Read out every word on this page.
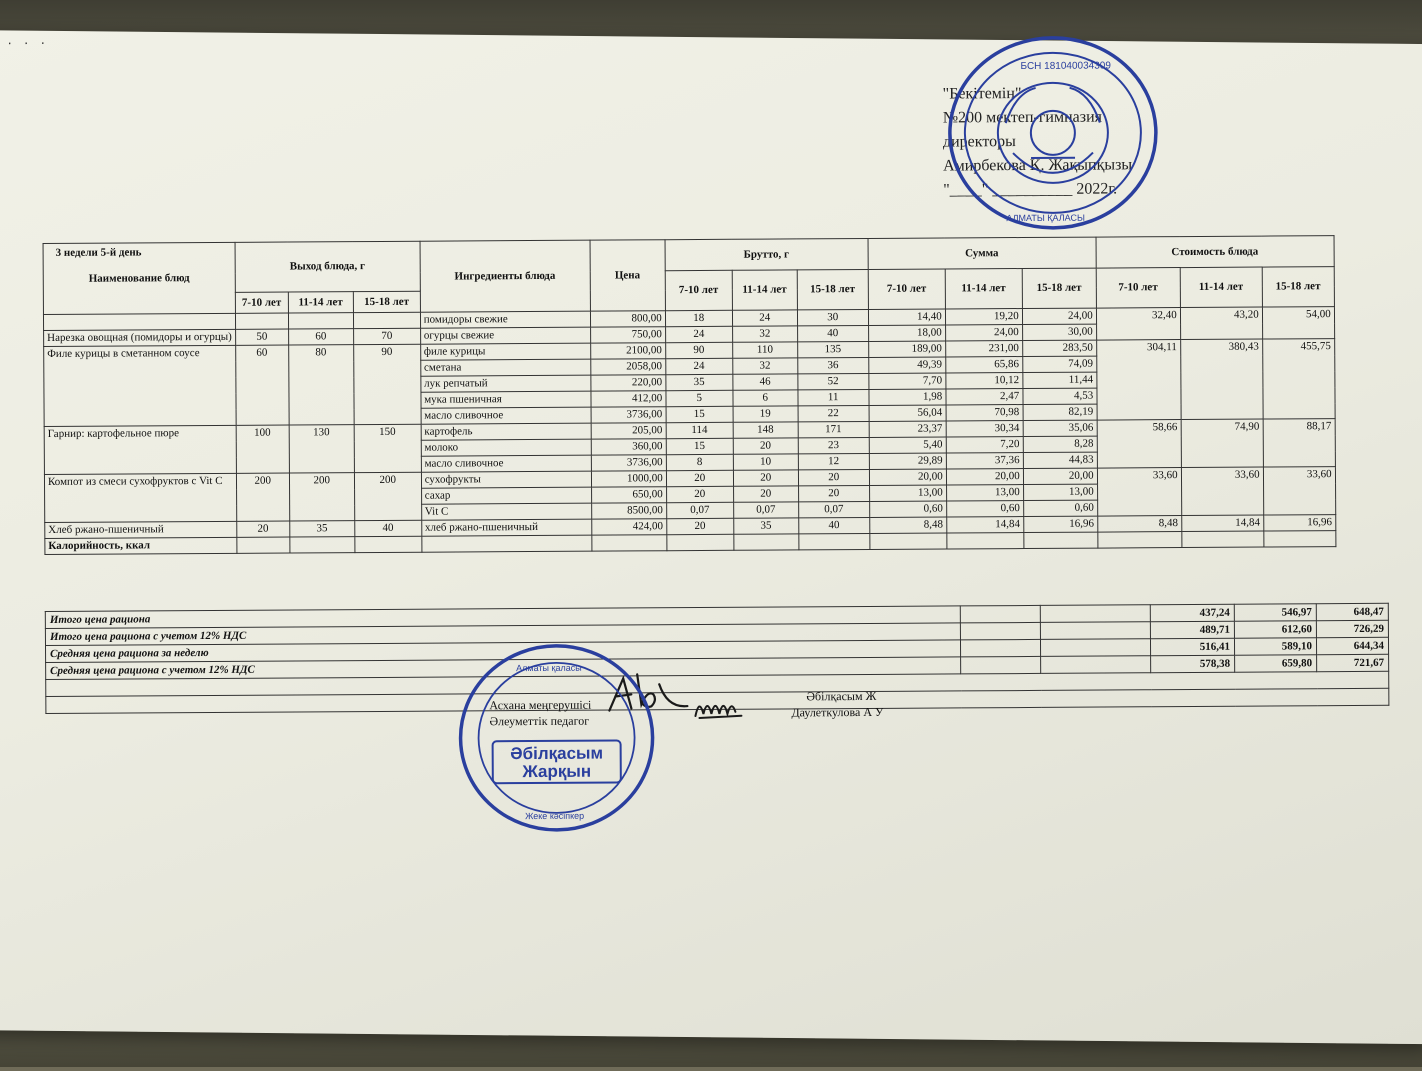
· · ·
"Бекітемін"
№200 мектеп-гимназия
директоры
Амирбекова Қ. Жақыпқызы
"____" __________ 2022г.
3 недели 5-й день
Наименование блюд	Выход блюда, г			Ингредиенты блюда	Цена	Брутто, г			Сумма			Стоимость блюда		
						7-10 лет	11-14 лет	15-18 лет	7-10 лет	11-14 лет	15-18 лет	7-10 лет	11-14 лет	15-18 лет
	7-10 лет	11-14 лет	15-18 лет											
				помидоры свежие	800,00	18	24	30	14,40	19,20	24,00	32,40	43,20	54,00
Нарезка овощная (помидоры и огурцы)	50	60	70	огурцы свежие	750,00	24	32	40	18,00	24,00	30,00			
Филе курицы в сметанном соусе	60	80	90	филе курицы	2100,00	90	110	135	189,00	231,00	283,50	304,11	380,43	455,75
				сметана	2058,00	24	32	36	49,39	65,86	74,09			
				лук репчатый	220,00	35	46	52	7,70	10,12	11,44			
				мука пшеничная	412,00	5	6	11	1,98	2,47	4,53			
				масло сливочное	3736,00	15	19	22	56,04	70,98	82,19			
Гарнир: картофельное пюре	100	130	150	картофель	205,00	114	148	171	23,37	30,34	35,06	58,66	74,90	88,17
				молоко	360,00	15	20	23	5,40	7,20	8,28			
				масло сливочное	3736,00	8	10	12	29,89	37,36	44,83			
Компот из смеси сухофруктов с Vit C	200	200	200	сухофрукты	1000,00	20	20	20	20,00	20,00	20,00	33,60	33,60	33,60
				сахар	650,00	20	20	20	13,00	13,00	13,00			
				Vit C	8500,00	0,07	0,07	0,07	0,60	0,60	0,60			
Хлеб ржано-пшеничный	20	35	40	хлеб ржано-пшеничный	424,00	20	35	40	8,48	14,84	16,96	8,48	14,84	16,96
Калорийность, ккал														
Итого цена рациона			437,24	546,97	648,47
Итого цена рациона с учетом 12% НДС			489,71	612,60	726,29
Средняя цена рациона за неделю			516,41	589,10	644,34
Средняя цена рациона с учетом 12% НДС			578,38	659,80	721,67

Асхана меңгерушісі
Әбілқасым Ж
Әлеуметтік педагог
Даулеткулова А У
БСН 181040034309
АЛМАТЫ ҚАЛАСЫ
Әбілқасым
Жарқын
Алматы қаласы
Жеке кәсіпкер
